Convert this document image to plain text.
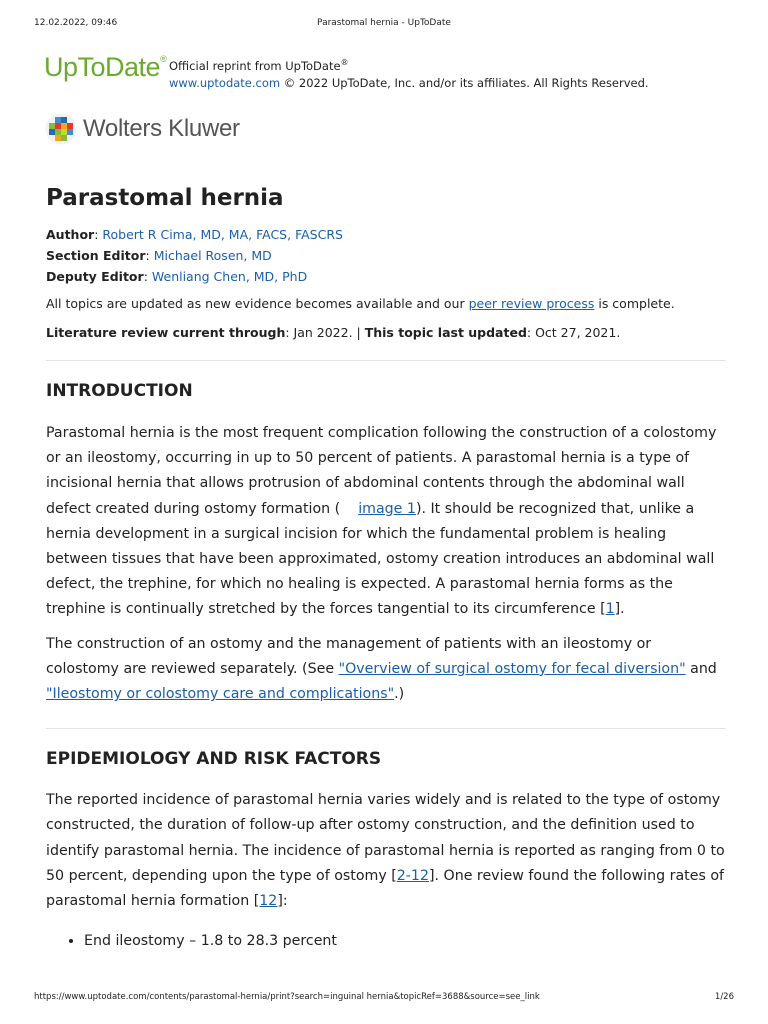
12.02.2022, 09:46	Parastomal hernia - UpToDate
UpToDate® Official reprint from UpToDate®
www.uptodate.com © 2022 UpToDate, Inc. and/or its affiliates. All Rights Reserved.
Wolters Kluwer
Parastomal hernia
Author: Robert R Cima, MD, MA, FACS, FASCRS
Section Editor: Michael Rosen, MD
Deputy Editor: Wenliang Chen, MD, PhD
All topics are updated as new evidence becomes available and our peer review process is complete.
Literature review current through: Jan 2022. | This topic last updated: Oct 27, 2021.
INTRODUCTION

Parastomal hernia is the most frequent complication following the construction of a colostomy or an ileostomy, occurring in up to 50 percent of patients. A parastomal hernia is a type of incisional hernia that allows protrusion of abdominal contents through the abdominal wall defect created during ostomy formation ( image 1). It should be recognized that, unlike a hernia development in a surgical incision for which the fundamental problem is healing between tissues that have been approximated, ostomy creation introduces an abdominal wall defect, the trephine, for which no healing is expected. A parastomal hernia forms as the trephine is continually stretched by the forces tangential to its circumference [1].

The construction of an ostomy and the management of patients with an ileostomy or colostomy are reviewed separately. (See "Overview of surgical ostomy for fecal diversion" and "Ileostomy or colostomy care and complications".)

EPIDEMIOLOGY AND RISK FACTORS

The reported incidence of parastomal hernia varies widely and is related to the type of ostomy constructed, the duration of follow-up after ostomy construction, and the definition used to identify parastomal hernia. The incidence of parastomal hernia is reported as ranging from 0 to 50 percent, depending upon the type of ostomy [2-12]. One review found the following rates of parastomal hernia formation [12]:

• End ileostomy – 1.8 to 28.3 percent
https://www.uptodate.com/contents/parastomal-hernia/print?search=inguinal hernia&topicRef=3688&source=see_link	1/26
